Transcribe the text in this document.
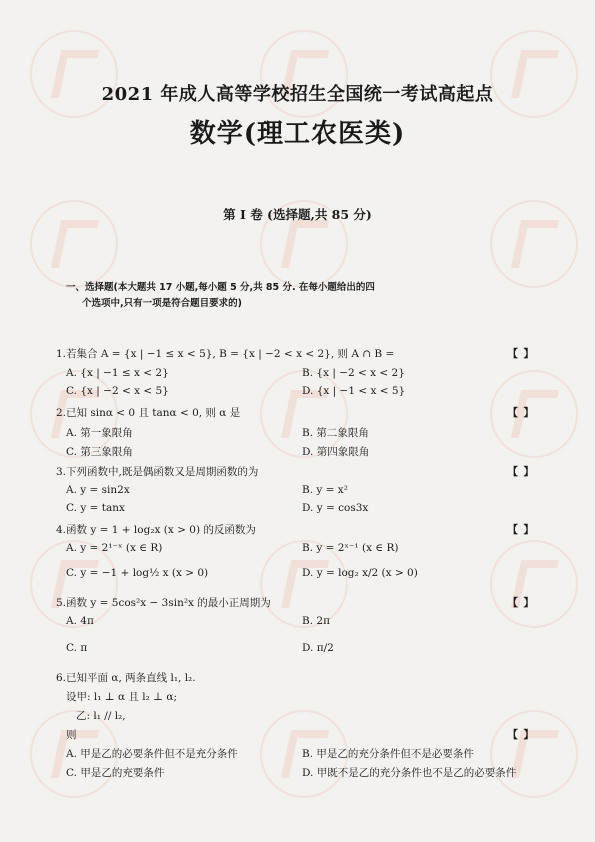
2021 年成人高等学校招生全国统一考试高起点
数学(理工农医类)
第 Ⅰ 卷 (选择题,共 85 分)
一、选择题(本大题共 17 小题,每小题 5 分,共 85 分. 在每小题给出的四
个选项中,只有一项是符合题目要求的)
1.若集合 A = {x | −1 ≤ x < 5}, B = {x | −2 < x < 2}, 则 A ∩ B =	【 】
A. {x | −1 ≤ x < 2}	B. {x | −2 < x < 2}
C. {x | −2 < x < 5}	D. {x | −1 < x < 5}
2.已知 sinα < 0 且 tanα < 0, 则 α 是	【 】
A. 第一象限角	B. 第二象限角
C. 第三象限角	D. 第四象限角
3.下列函数中,既是偶函数又是周期函数的为	【 】
A. y = sin2x	B. y = x²
C. y = tanx	D. y = cos3x
4.函数 y = 1 + log₂x (x > 0) 的反函数为	【 】
A. y = 2¹⁻ˣ (x ∈ R)	B. y = 2ˣ⁻¹ (x ∈ R)
C. y = −1 + log½ x (x > 0)	D. y = log₂ x/2 (x > 0)
5.函数 y = 5cos²x − 3sin²x 的最小正周期为	【 】
A. 4π	B. 2π
C. π	D. π/2
6.已知平面 α, 两条直线 l₁, l₂.
设甲: l₁ ⊥ α 且 l₂ ⊥ α;
乙: l₁ // l₂,
则	【 】
A. 甲是乙的必要条件但不是充分条件	B. 甲是乙的充分条件但不是必要条件
C. 甲是乙的充要条件	D. 甲既不是乙的充分条件也不是乙的必要条件
